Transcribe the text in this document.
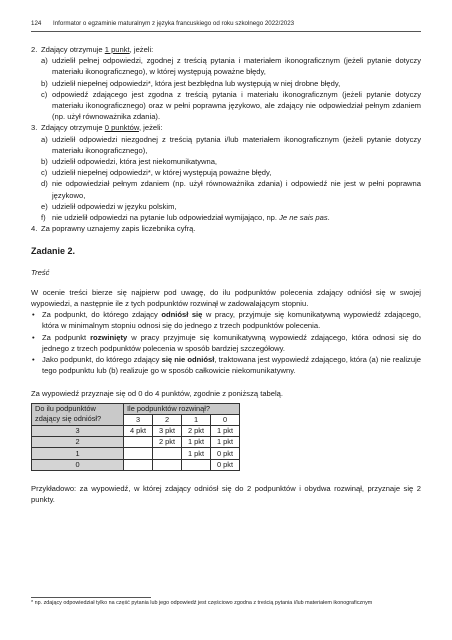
124 Informator o egzaminie maturalnym z języka francuskiego od roku szkolnego 2022/2023
2. Zdający otrzymuje 1 punkt, jeżeli:
a) udzielił pełnej odpowiedzi, zgodnej z treścią pytania i materiałem ikonograficznym (jeżeli pytanie dotyczy materiału ikonograficznego), w której występują poważne błędy,
b) udzielił niepełnej odpowiedzi*, która jest bezbłędna lub występują w niej drobne błędy,
c) odpowiedź zdającego jest zgodna z treścią pytania i materiału ikonograficznym (jeżeli pytanie dotyczy materiału ikonograficznego) oraz w pełni poprawna językowo, ale zdający nie odpowiedział pełnym zdaniem (np. użył równoważnika zdania).
3. Zdający otrzymuje 0 punktów, jeżeli:
a) udzielił odpowiedzi niezgodnej z treścią pytania i/lub materiałem ikonograficznym (jeżeli pytanie dotyczy materiału ikonograficznego),
b) udzielił odpowiedzi, która jest niekomunikatywna,
c) udzielił niepełnej odpowiedzi*, w której występują poważne błędy,
d) nie odpowiedział pełnym zdaniem (np. użył równoważnika zdania) i odpowiedź nie jest w pełni poprawna językowo,
e) udzielił odpowiedzi w języku polskim,
f) nie udzielił odpowiedzi na pytanie lub odpowiedział wymijająco, np. Je ne sais pas.
4. Za poprawny uznajemy zapis liczebnika cyfrą.
Zadanie 2.
Treść
W ocenie treści bierze się najpierw pod uwagę, do ilu podpunktów polecenia zdający odniósł się w swojej wypowiedzi, a następnie ile z tych podpunktów rozwinął w zadowalającym stopniu.
• Za podpunkt, do którego zdający odniósł się w pracy, przyjmuje się komunikatywną wypowiedź zdającego, która w minimalnym stopniu odnosi się do jednego z trzech podpunktów polecenia.
• Za podpunkt rozwinięty w pracy przyjmuje się komunikatywną wypowiedź zdającego, która odnosi się do jednego z trzech podpunktów polecenia w sposób bardziej szczegółowy.
• Jako podpunkt, do którego zdający się nie odniósł, traktowana jest wypowiedź zdającego, która (a) nie realizuje tego podpunktu lub (b) realizuje go w sposób całkowicie niekomunikatywny.
Za wypowiedź przyznaje się od 0 do 4 punktów, zgodnie z poniższą tabelą.
Do ilu podpunktów zdający się odniósł?	Ile podpunktów rozwinął?			
	3	2	1	0
3	4 pkt	3 pkt	2 pkt	1 pkt
2		2 pkt	1 pkt	1 pkt
1			1 pkt	0 pkt
0				0 pkt
Przykładowo: za wypowiedź, w której zdający odniósł się do 2 podpunktów i obydwa rozwinął, przyznaje się 2 punkty.
* np. zdający odpowiedział tylko na część pytania lub jego odpowiedź jest częściowo zgodna z treścią pytania i/lub materiałem ikonograficznym
